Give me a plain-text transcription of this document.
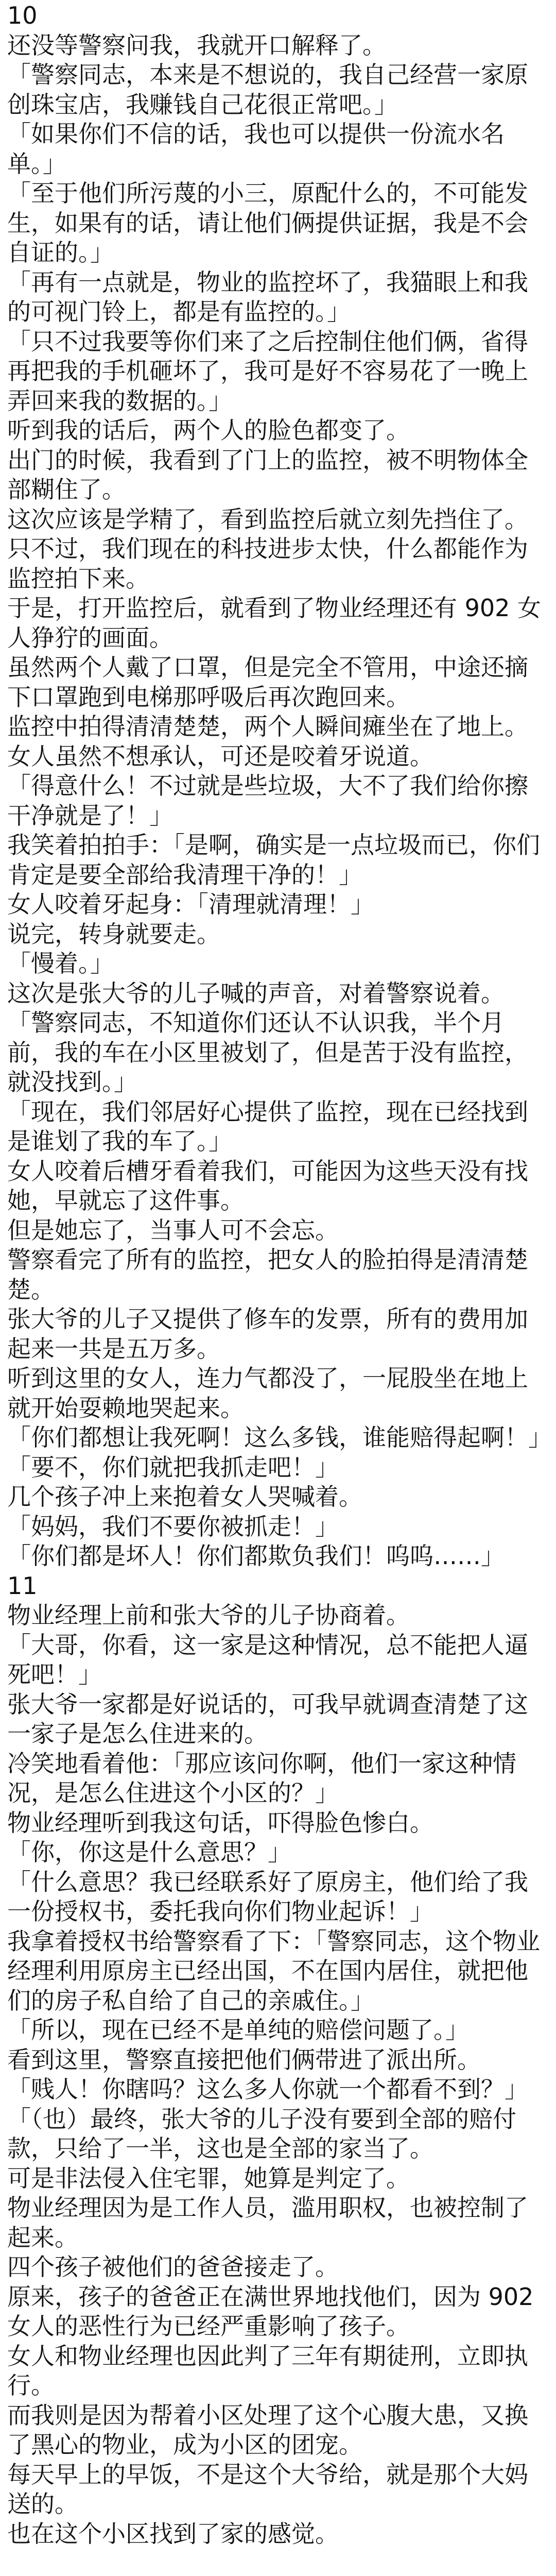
10

还没等警察问我，我就开口解释了。

「警察同志，本来是不想说的，我自己经营一家原创珠宝店，我赚钱自己花很正常吧。」

「如果你们不信的话，我也可以提供一份流水名单。」

「至于他们所污蔑的小三，原配什么的，不可能发生，如果有的话，请让他们俩提供证据，我是不会自证的。」

「再有一点就是，物业的监控坏了，我猫眼上和我的可视门铃上，都是有监控的。」

「只不过我要等你们来了之后控制住他们俩，省得再把我的手机砸坏了，我可是好不容易花了一晚上弄回来我的数据的。」

听到我的话后，两个人的脸色都变了。

出门的时候，我看到了门上的监控，被不明物体全部糊住了。

这次应该是学精了，看到监控后就立刻先挡住了。

只不过，我们现在的科技进步太快，什么都能作为监控拍下来。

于是，打开监控后，就看到了物业经理还有 902 女人狰狞的画面。

虽然两个人戴了口罩，但是完全不管用，中途还摘下口罩跑到电梯那呼吸后再次跑回来。

监控中拍得清清楚楚，两个人瞬间瘫坐在了地上。

女人虽然不想承认，可还是咬着牙说道。

「得意什么！不过就是些垃圾，大不了我们给你擦干净就是了！」

我笑着拍拍手：「是啊，确实是一点垃圾而已，你们肯定是要全部给我清理干净的！」

女人咬着牙起身：「清理就清理！」

说完，转身就要走。

「慢着。」

这次是张大爷的儿子喊的声音，对着警察说着。

「警察同志，不知道你们还认不认识我，半个月前，我的车在小区里被划了，但是苦于没有监控，就没找到。」

「现在，我们邻居好心提供了监控，现在已经找到是谁划了我的车了。」

女人咬着后槽牙看着我们，可能因为这些天没有找她，早就忘了这件事。

但是她忘了，当事人可不会忘。

警察看完了所有的监控，把女人的脸拍得是清清楚楚。

张大爷的儿子又提供了修车的发票，所有的费用加起来一共是五万多。

听到这里的女人，连力气都没了，一屁股坐在地上就开始耍赖地哭起来。

「你们都想让我死啊！这么多钱，谁能赔得起啊！」

「要不，你们就把我抓走吧！」

几个孩子冲上来抱着女人哭喊着。

「妈妈，我们不要你被抓走！」

「你们都是坏人！你们都欺负我们！呜呜……」

11

物业经理上前和张大爷的儿子协商着。

「大哥，你看，这一家是这种情况，总不能把人逼死吧！」

张大爷一家都是好说话的，可我早就调查清楚了这一家子是怎么住进来的。

冷笑地看着他：「那应该问你啊，他们一家这种情况，是怎么住进这个小区的？」

物业经理听到我这句话，吓得脸色惨白。

「你，你这是什么意思？」

「什么意思？我已经联系好了原房主，他们给了我一份授权书，委托我向你们物业起诉！」

我拿着授权书给警察看了下：「警察同志，这个物业经理利用原房主已经出国，不在国内居住，就把他们的房子私自给了自己的亲戚住。」

「所以，现在已经不是单纯的赔偿问题了。」

看到这里，警察直接把他们俩带进了派出所。

「贱人！你瞎吗？这么多人你就一个都看不到？」

「（也）最终，张大爷的儿子没有要到全部的赔付款，只给了一半，这也是全部的家当了。

可是非法侵入住宅罪，她算是判定了。

物业经理因为是工作人员，滥用职权，也被控制了起来。

四个孩子被他们的爸爸接走了。

原来，孩子的爸爸正在满世界地找他们，因为 902 女人的恶性行为已经严重影响了孩子。

女人和物业经理也因此判了三年有期徒刑，立即执行。

而我则是因为帮着小区处理了这个心腹大患，又换了黑心的物业，成为小区的团宠。

每天早上的早饭，不是这个大爷给，就是那个大妈送的。

也在这个小区找到了家的感觉。
